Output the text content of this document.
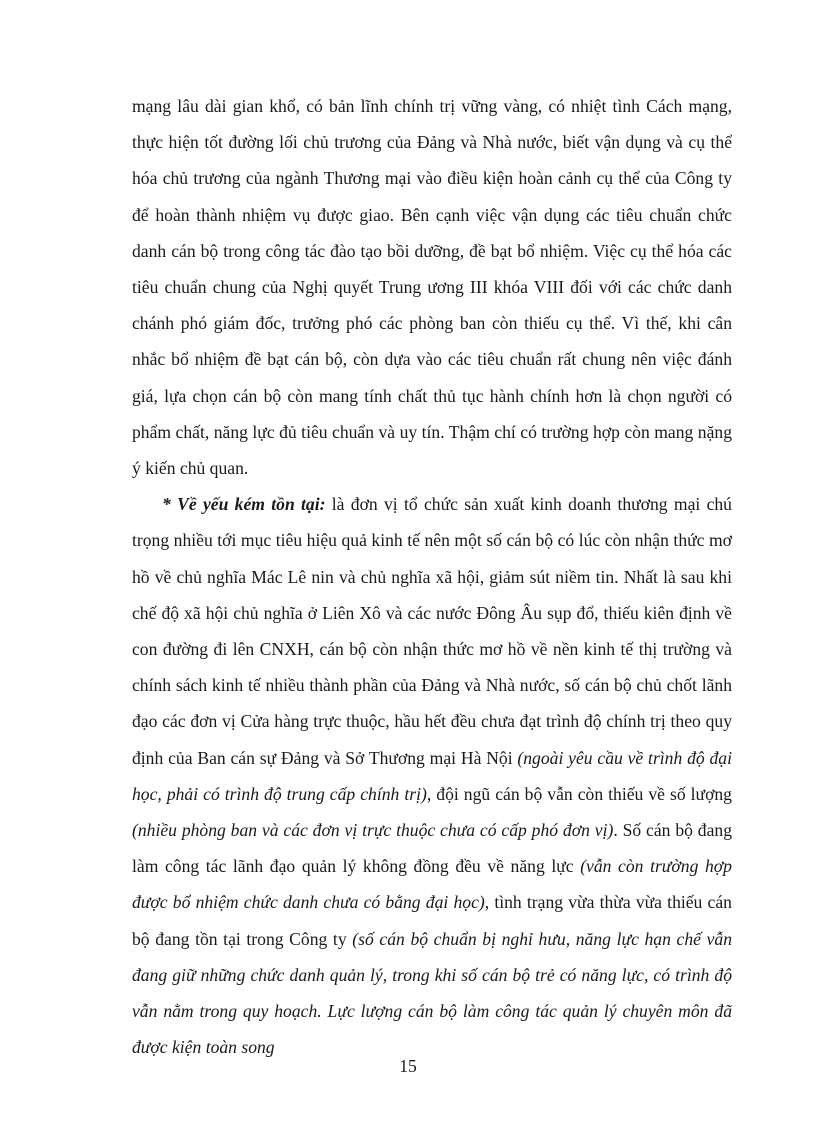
mạng lâu dài gian khổ, có bản lĩnh chính trị vững vàng, có nhiệt tình Cách mạng, thực hiện tốt đường lối chủ trương của Đảng và Nhà nước, biết vận dụng và cụ thể hóa chủ trương của ngành Thương mại vào điều kiện hoàn cảnh cụ thể của Công ty để hoàn thành nhiệm vụ được giao. Bên cạnh việc vận dụng các tiêu chuẩn chức danh cán bộ trong công tác đào tạo bồi dưỡng, đề bạt bổ nhiệm. Việc cụ thể hóa các tiêu chuẩn chung của Nghị quyết Trung ương III khóa VIII đối với các chức danh chánh phó giám đốc, trưởng phó các phòng ban còn thiếu cụ thể. Vì thế, khi cân nhắc bổ nhiệm đề bạt cán bộ, còn dựa vào các tiêu chuẩn rất chung nên việc đánh giá, lựa chọn cán bộ còn mang tính chất thủ tục hành chính hơn là chọn người có phẩm chất, năng lực đủ tiêu chuẩn và uy tín. Thậm chí có trường hợp còn mang nặng ý kiến chủ quan.

* Về yếu kém tồn tại: là đơn vị tổ chức sản xuất kinh doanh thương mại chú trọng nhiều tới mục tiêu hiệu quả kinh tế nên một số cán bộ có lúc còn nhận thức mơ hồ về chủ nghĩa Mác Lê nin và chủ nghĩa xã hội, giảm sút niềm tin. Nhất là sau khi chế độ xã hội chủ nghĩa ở Liên Xô và các nước Đông Âu sụp đổ, thiếu kiên định về con đường đi lên CNXH, cán bộ còn nhận thức mơ hồ về nền kinh tế thị trường và chính sách kinh tế nhiều thành phần của Đảng và Nhà nước, số cán bộ chủ chốt lãnh đạo các đơn vị Cửa hàng trực thuộc, hầu hết đều chưa đạt trình độ chính trị theo quy định của Ban cán sự Đảng và Sở Thương mại Hà Nội (ngoài yêu cầu về trình độ đại học, phải có trình độ trung cấp chính trị), đội ngũ cán bộ vẫn còn thiếu về số lượng (nhiều phòng ban và các đơn vị trực thuộc chưa có cấp phó đơn vị). Số cán bộ đang làm công tác lãnh đạo quản lý không đồng đều về năng lực (vẫn còn trường hợp được bổ nhiệm chức danh chưa có bằng đại học), tình trạng vừa thừa vừa thiếu cán bộ đang tồn tại trong Công ty (số cán bộ chuẩn bị nghỉ hưu, năng lực hạn chế vẫn đang giữ những chức danh quản lý, trong khi số cán bộ trẻ có năng lực, có trình độ vẫn nằm trong quy hoạch. Lực lượng cán bộ làm công tác quản lý chuyên môn đã được kiện toàn song

15
